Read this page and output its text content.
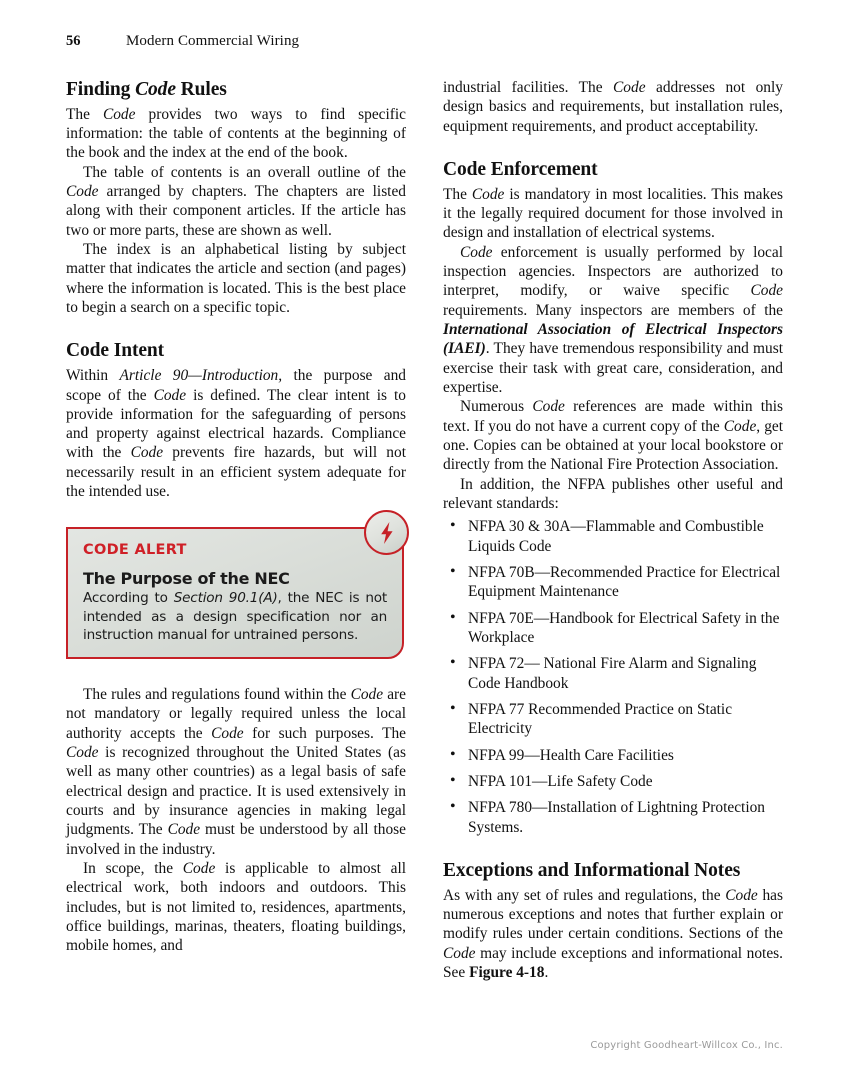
56	Modern Commercial Wiring
Finding Code Rules

The Code provides two ways to find specific information: the table of contents at the beginning of the book and the index at the end of the book.

The table of contents is an overall outline of the Code arranged by chapters. The chapters are listed along with their component articles. If the article has two or more parts, these are shown as well.

The index is an alphabetical listing by subject matter that indicates the article and section (and pages) where the information is located. This is the best place to begin a search on a specific topic.

Code Intent

Within Article 90—Introduction, the purpose and scope of the Code is defined. The clear intent is to provide information for the safeguarding of persons and property against electrical hazards. Compliance with the Code prevents fire hazards, but will not necessarily result in an efficient system adequate for the intended use.

CODE ALERT

The Purpose of the NEC

According to Section 90.1(A), the NEC is not intended as a design specification nor an instruction manual for untrained persons.

The rules and regulations found within the Code are not mandatory or legally required unless the local authority accepts the Code for such purposes. The Code is recognized throughout the United States (as well as many other countries) as a legal basis of safe electrical design and practice. It is used extensively in courts and by insurance agencies in making legal judgments. The Code must be understood by all those involved in the industry.

In scope, the Code is applicable to almost all electrical work, both indoors and outdoors. This includes, but is not limited to, residences, apartments, office buildings, marinas, theaters, floating buildings, mobile homes, and

industrial facilities. The Code addresses not only design basics and requirements, but installation rules, equipment requirements, and product acceptability.

Code Enforcement

The Code is mandatory in most localities. This makes it the legally required document for those involved in design and installation of electrical systems.

Code enforcement is usually performed by local inspection agencies. Inspectors are authorized to interpret, modify, or waive specific Code requirements. Many inspectors are members of the International Association of Electrical Inspectors (IAEI). They have tremendous responsibility and must exercise their task with great care, consideration, and expertise.

Numerous Code references are made within this text. If you do not have a current copy of the Code, get one. Copies can be obtained at your local bookstore or directly from the National Fire Protection Association.

In addition, the NFPA publishes other useful and relevant standards:

• NFPA 30 & 30A—Flammable and Combustible Liquids Code
• NFPA 70B—Recommended Practice for Electrical Equipment Maintenance
• NFPA 70E—Handbook for Electrical Safety in the Workplace
• NFPA 72— National Fire Alarm and Signaling Code Handbook
• NFPA 77 Recommended Practice on Static Electricity
• NFPA 99—Health Care Facilities
• NFPA 101—Life Safety Code
• NFPA 780—Installation of Lightning Protection Systems.
Exceptions and Informational Notes

As with any set of rules and regulations, the Code has numerous exceptions and notes that further explain or modify rules under certain conditions. Sections of the Code may include exceptions and informational notes. See Figure 4-18.

Copyright Goodheart-Willcox Co., Inc.
